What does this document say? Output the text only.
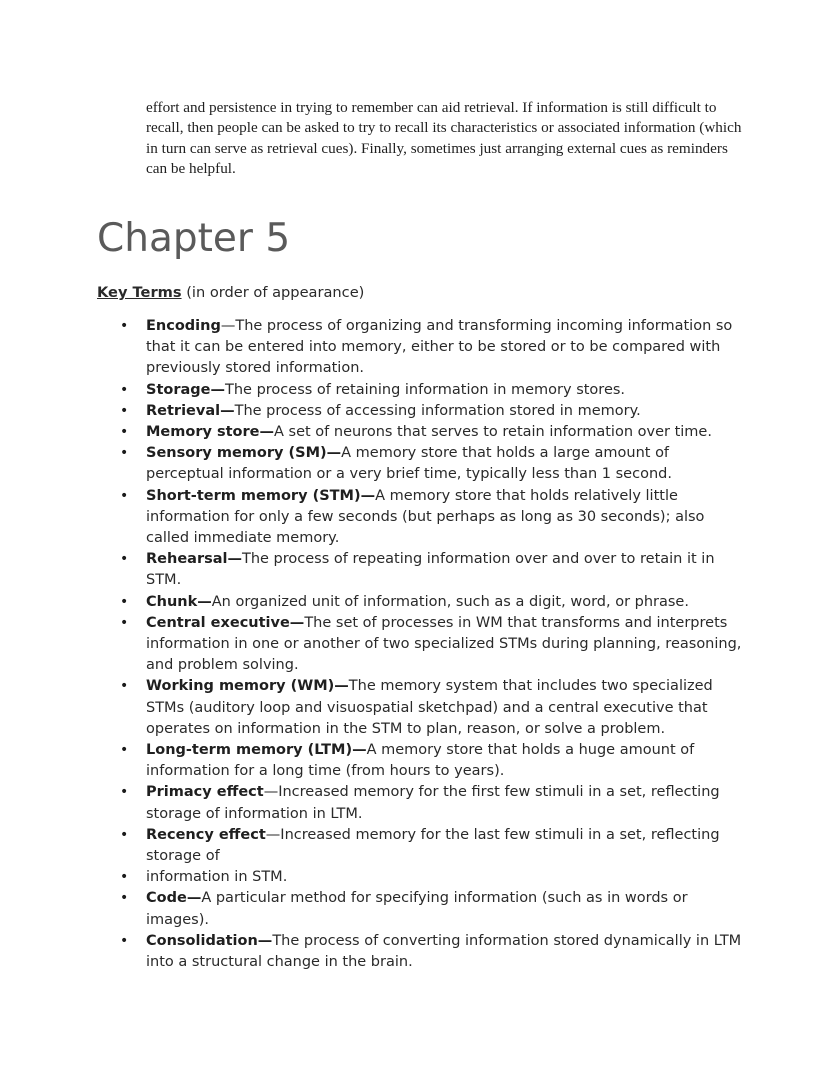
effort and persistence in trying to remember can aid retrieval. If information is still difficult to recall, then people can be asked to try to recall its characteristics or associated information (which in turn can serve as retrieval cues). Finally, sometimes just arranging external cues as reminders can be helpful.

Chapter 5

Key Terms (in order of appearance)

• Encoding—The process of organizing and transforming incoming information so that it can be entered into memory, either to be stored or to be compared with previously stored information.
• Storage—The process of retaining information in memory stores.
• Retrieval—The process of accessing information stored in memory.
• Memory store—A set of neurons that serves to retain information over time.
• Sensory memory (SM)—A memory store that holds a large amount of perceptual information or a very brief time, typically less than 1 second.
• Short-term memory (STM)—A memory store that holds relatively little information for only a few seconds (but perhaps as long as 30 seconds); also called immediate memory.
• Rehearsal—The process of repeating information over and over to retain it in STM.
• Chunk—An organized unit of information, such as a digit, word, or phrase.
• Central executive—The set of processes in WM that transforms and interprets information in one or another of two specialized STMs during planning, reasoning, and problem solving.
• Working memory (WM)—The memory system that includes two specialized STMs (auditory loop and visuospatial sketchpad) and a central executive that operates on information in the STM to plan, reason, or solve a problem.
• Long-term memory (LTM)—A memory store that holds a huge amount of information for a long time (from hours to years).
• Primacy effect—Increased memory for the first few stimuli in a set, reflecting storage of information in LTM.
• Recency effect—Increased memory for the last few stimuli in a set, reflecting storage of
• information in STM.
• Code—A particular method for specifying information (such as in words or images).
• Consolidation—The process of converting information stored dynamically in LTM into a structural change in the brain.
